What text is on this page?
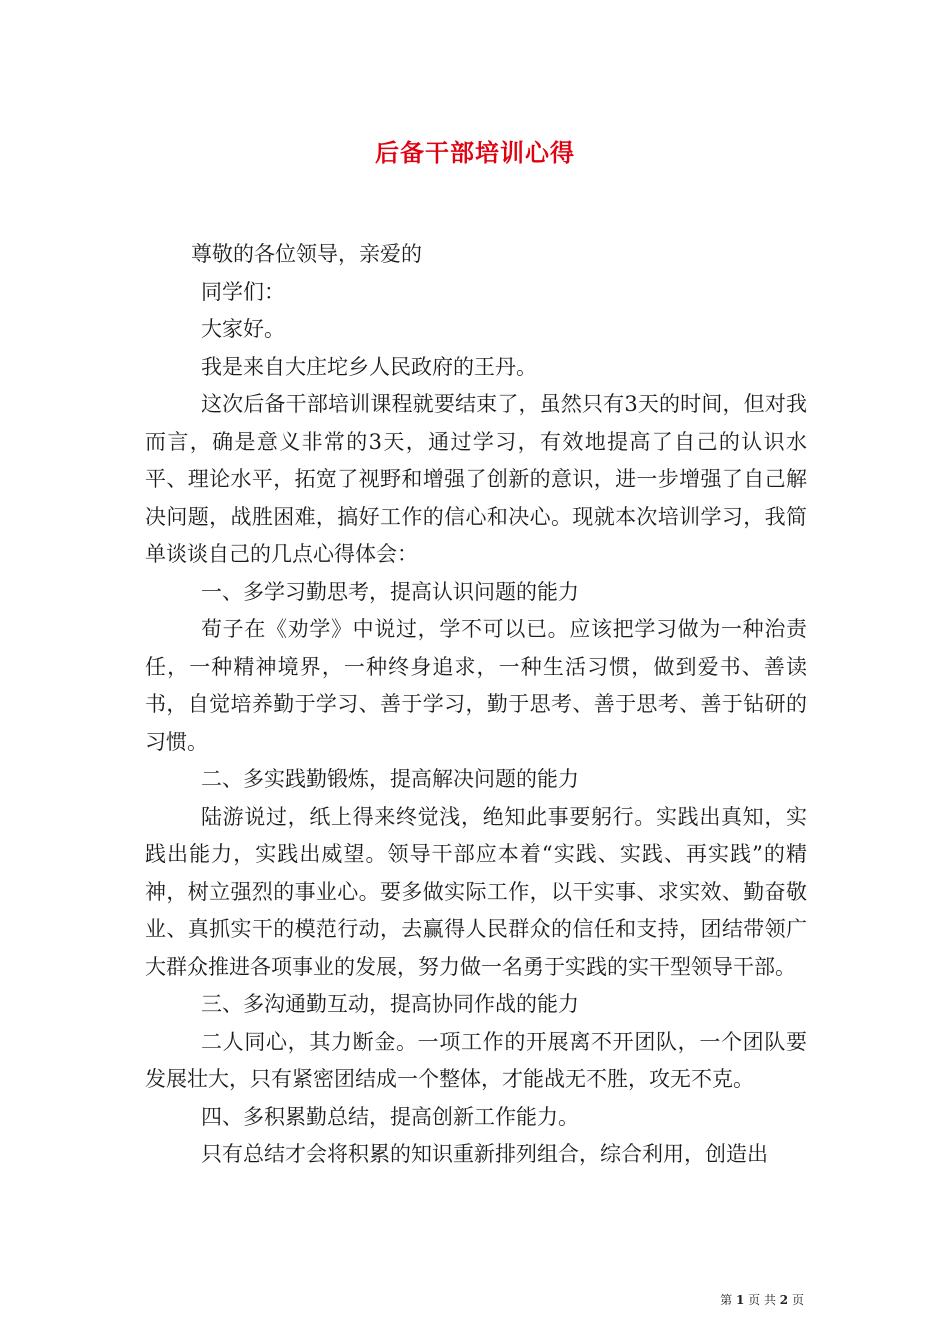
后备干部培训心得

尊敬的各位领导，亲爱的

同学们：

大家好。

我是来自大庄坨乡人民政府的王丹。

这次后备干部培训课程就要结束了，虽然只有3天的时间，但对我而言，确是意义非常的3天，通过学习，有效地提高了自己的认识水平、理论水平，拓宽了视野和增强了创新的意识，进一步增强了自己解决问题，战胜困难，搞好工作的信心和决心。现就本次培训学习，我简单谈谈自己的几点心得体会：

一、多学习勤思考，提高认识问题的能力

荀子在《劝学》中说过，学不可以已。应该把学习做为一种治责任，一种精神境界，一种终身追求，一种生活习惯，做到爱书、善读书，自觉培养勤于学习、善于学习，勤于思考、善于思考、善于钻研的习惯。

二、多实践勤锻炼，提高解决问题的能力

陆游说过，纸上得来终觉浅，绝知此事要躬行。实践出真知，实践出能力，实践出威望。领导干部应本着“实践、实践、再实践”的精神，树立强烈的事业心。要多做实际工作，以干实事、求实效、勤奋敬业、真抓实干的模范行动，去赢得人民群众的信任和支持，团结带领广大群众推进各项事业的发展，努力做一名勇于实践的实干型领导干部。

三、多沟通勤互动，提高协同作战的能力

二人同心，其力断金。一项工作的开展离不开团队，一个团队要发展壮大，只有紧密团结成一个整体，才能战无不胜，攻无不克。

四、多积累勤总结，提高创新工作能力。

只有总结才会将积累的知识重新排列组合，综合利用，创造出

第 1 页 共 2 页
